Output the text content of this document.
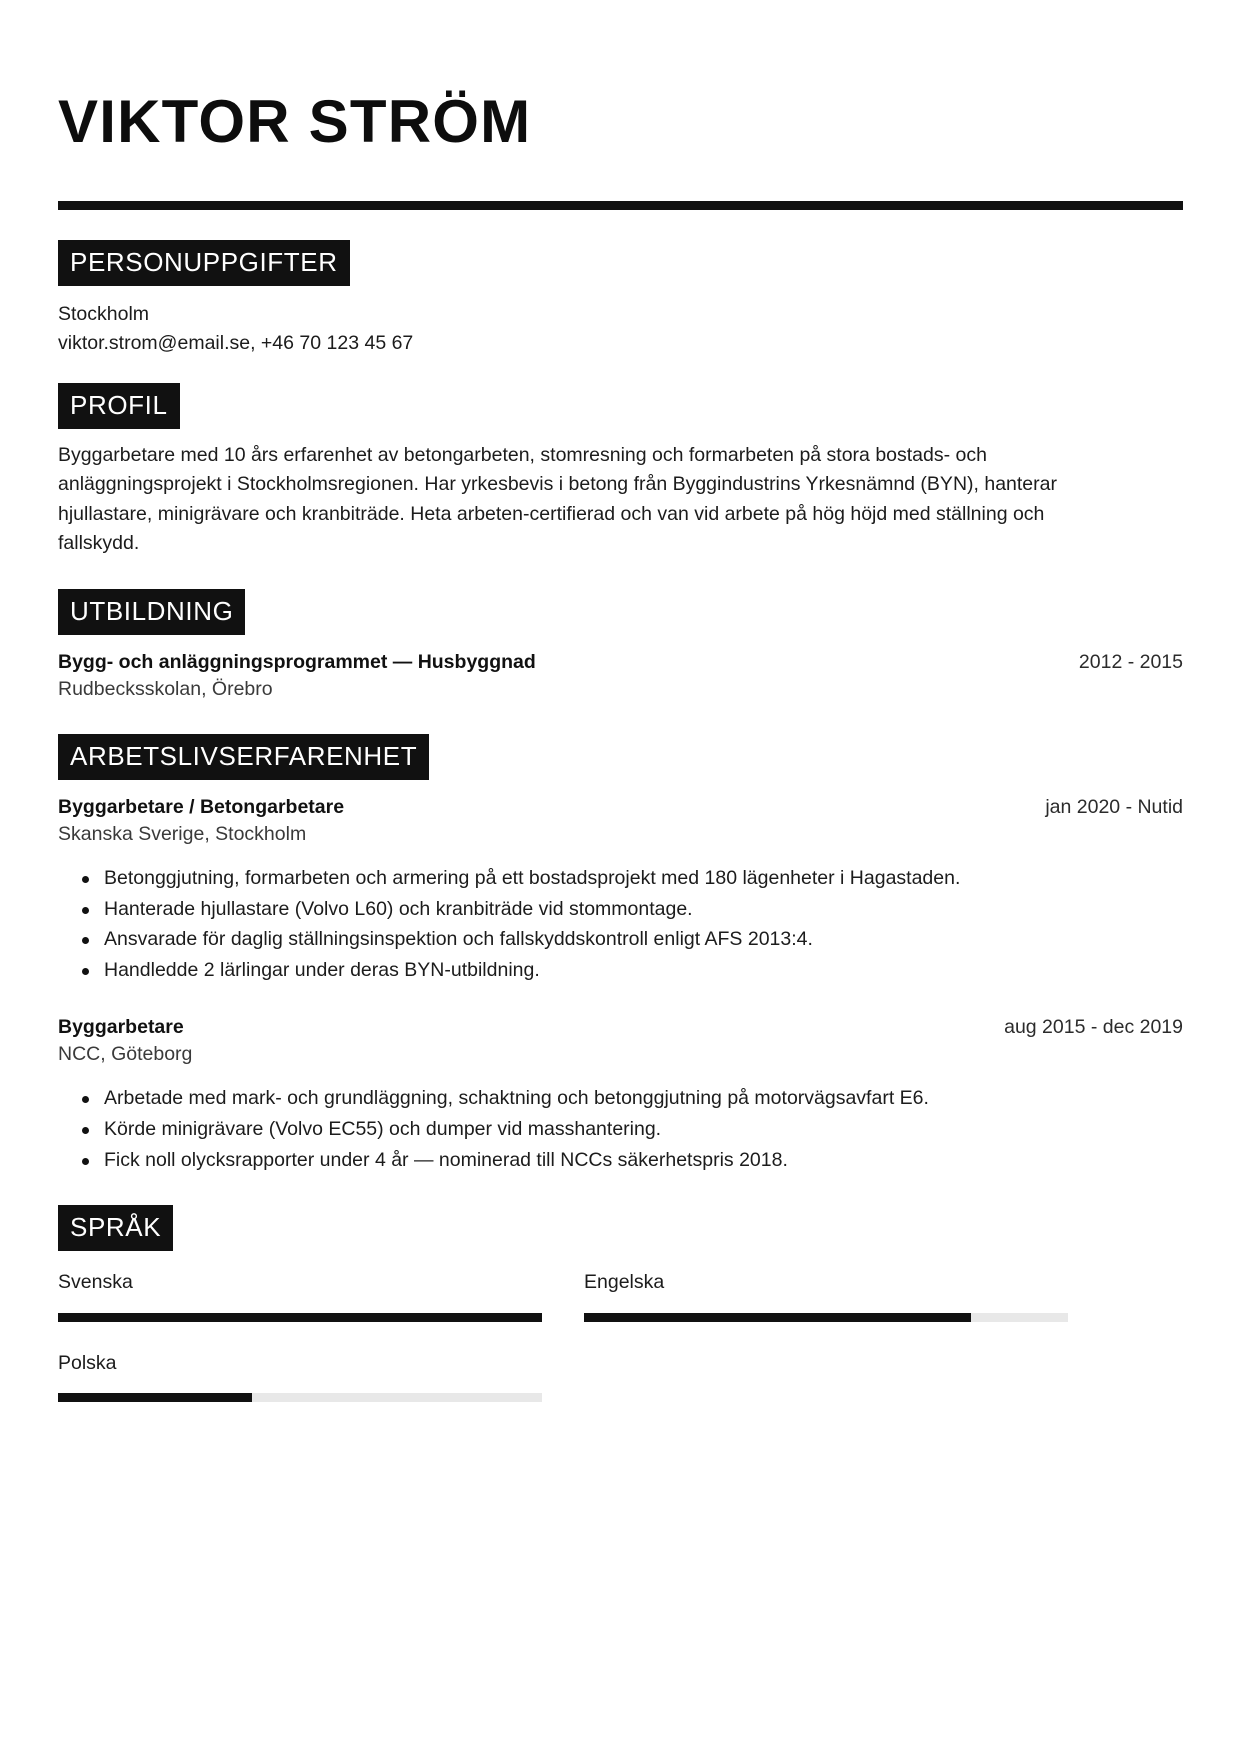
VIKTOR STRÖM
PERSONUPPGIFTER
Stockholm
viktor.strom@email.se, +46 70 123 45 67
PROFIL

Byggarbetare med 10 års erfarenhet av betongarbeten, stomresning och formarbeten på stora bostads- och anläggningsprojekt i Stockholmsregionen. Har yrkesbevis i betong från Byggindustrins Yrkesnämnd (BYN), hanterar hjullastare, minigrävare och kranbiträde. Heta arbeten-certifierad och van vid arbete på hög höjd med ställning och fallskydd.

UTBILDNING
Bygg- och anläggningsprogrammet — Husbyggnad	2012 - 2015
Rudbecksskolan, Örebro
ARBETSLIVSERFARENHET
Byggarbetare / Betongarbetare	jan 2020 - Nutid
Skanska Sverige, Stockholm
Betonggjutning, formarbeten och armering på ett bostadsprojekt med 180 lägenheter i Hagastaden.
Hanterade hjullastare (Volvo L60) och kranbiträde vid stommontage.
Ansvarade för daglig ställningsinspektion och fallskyddskontroll enligt AFS 2013:4.
Handledde 2 lärlingar under deras BYN-utbildning.
Byggarbetare	aug 2015 - dec 2019
NCC, Göteborg
Arbetade med mark- och grundläggning, schaktning och betonggjutning på motorvägsavfart E6.
Körde minigrävare (Volvo EC55) och dumper vid masshantering.
Fick noll olycksrapporter under 4 år — nominerad till NCCs säkerhetspris 2018.
SPRÅK
Svenska	Engelska
Polska
